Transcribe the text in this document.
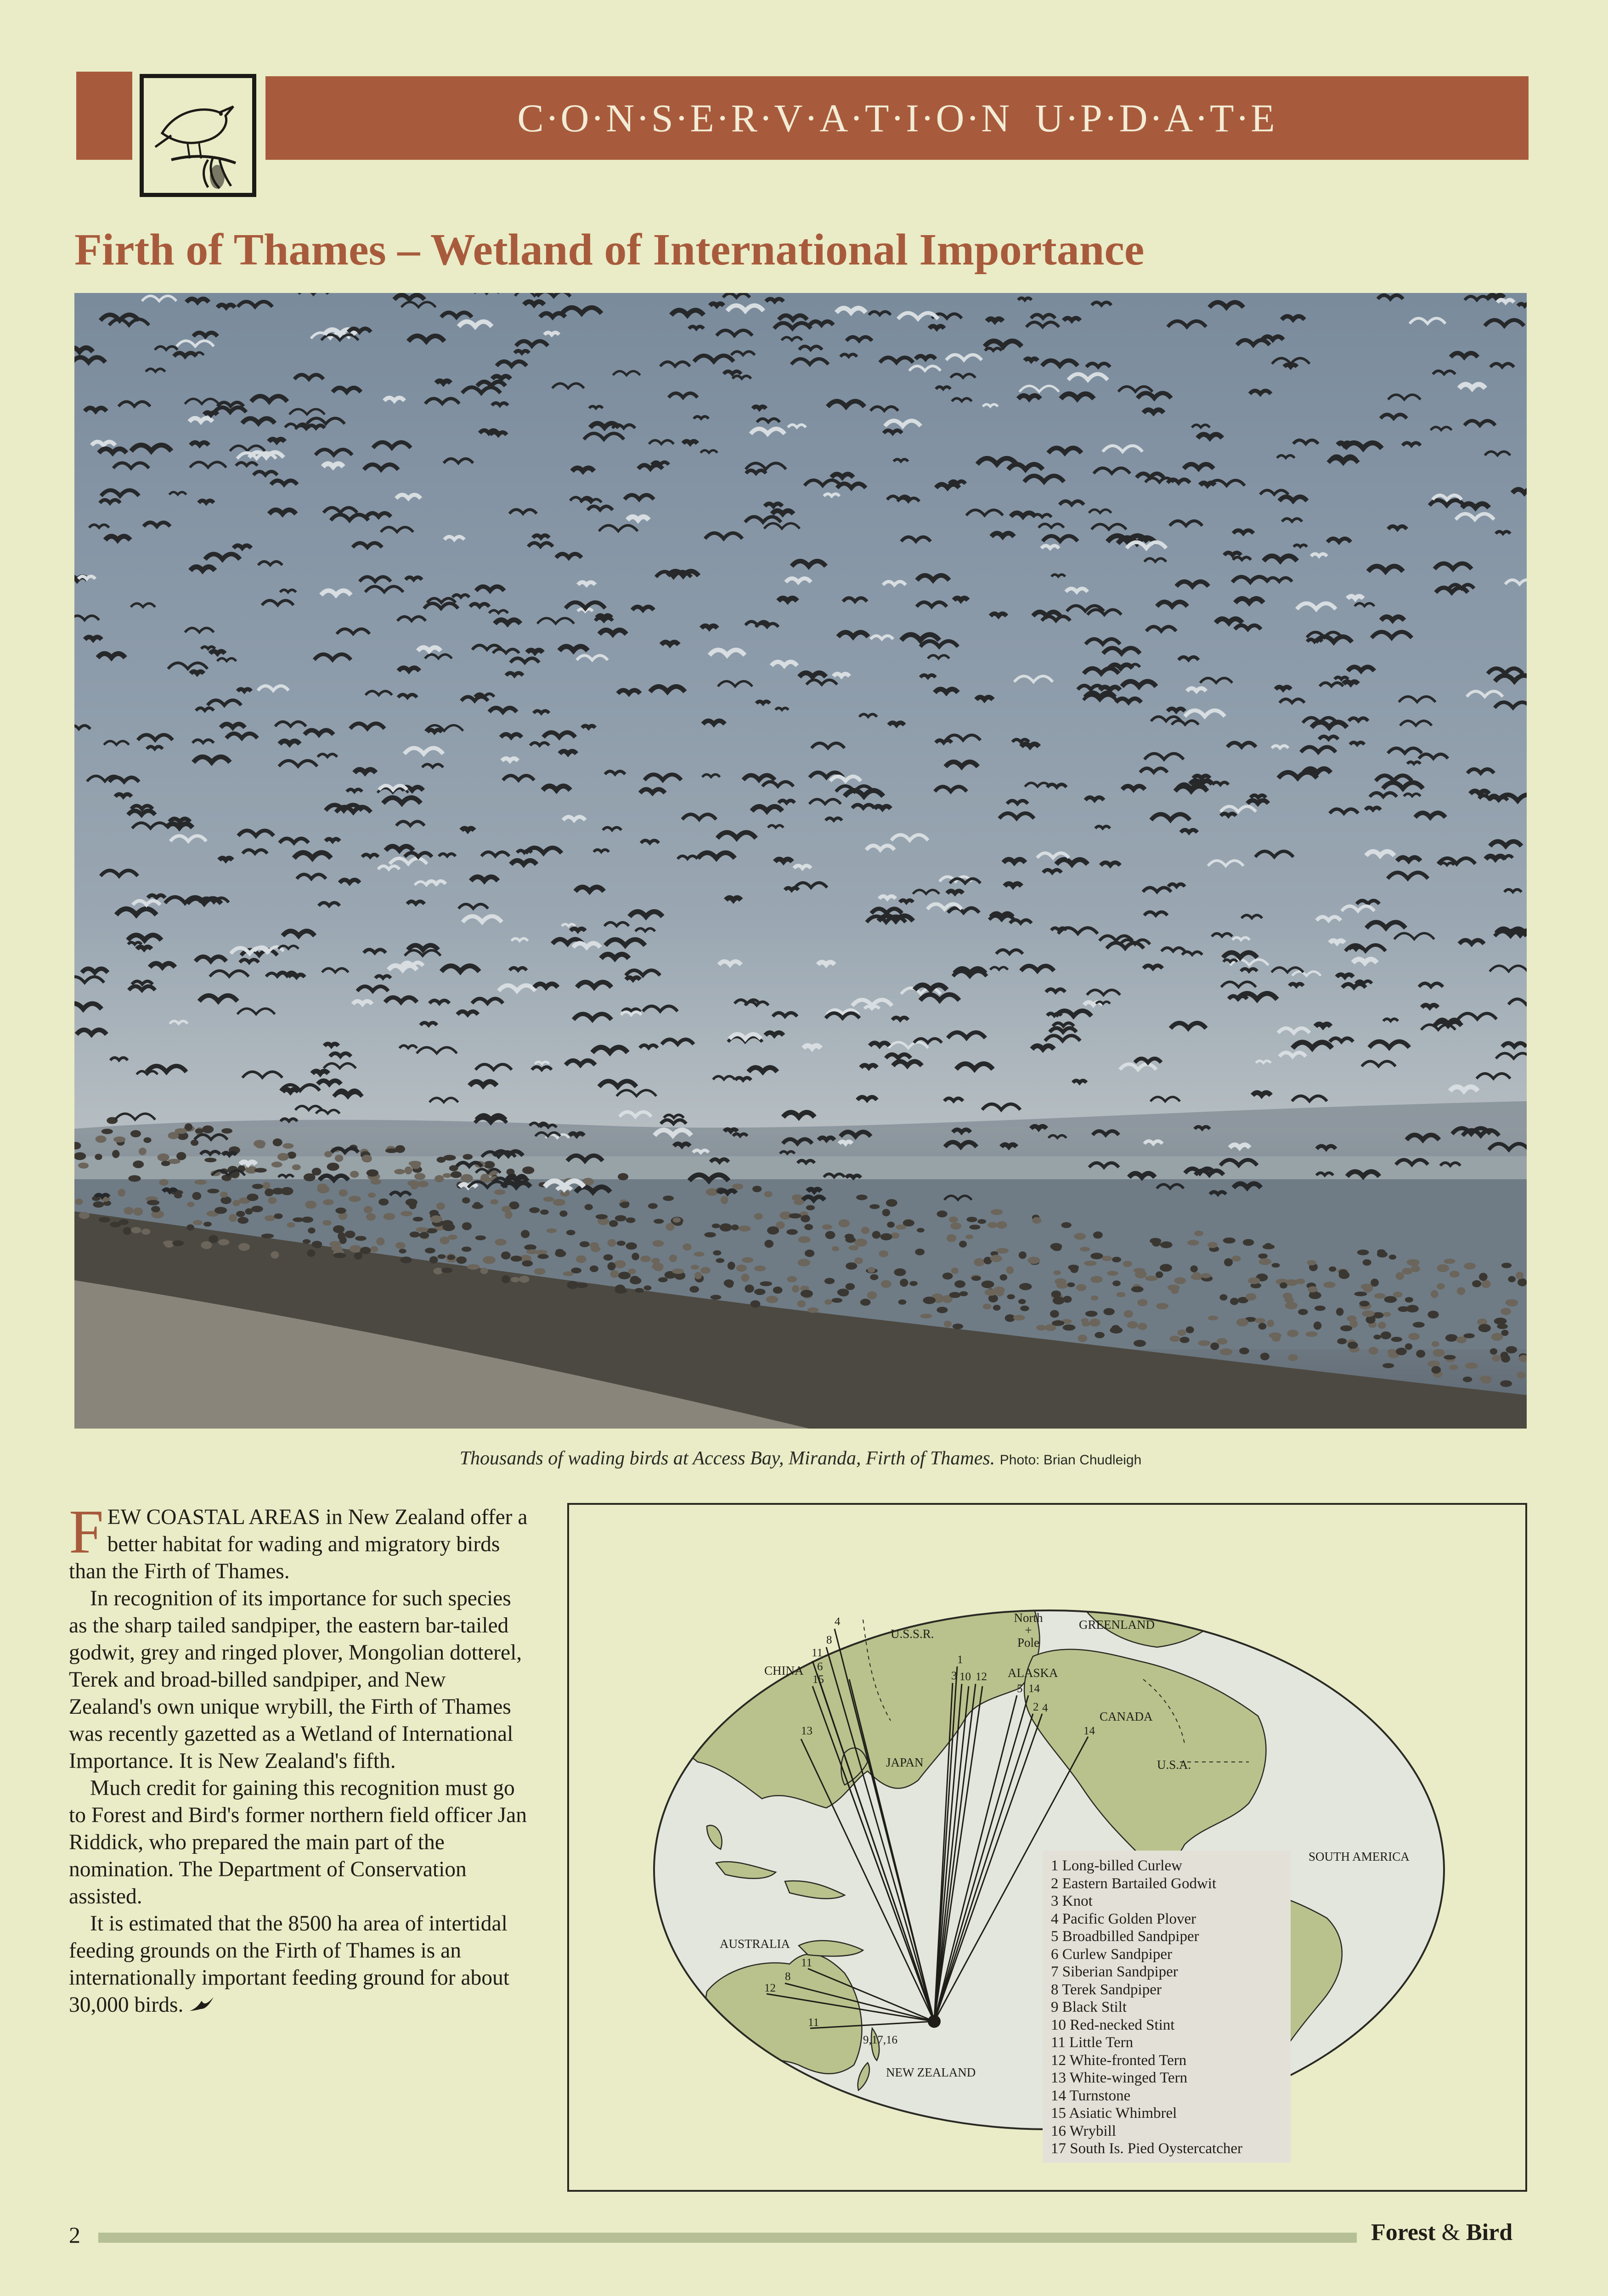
C·O·N·S·E·R·V·A·T·I·O·N  U·P·D·A·T·E
Firth of Thames – Wetland of International Importance
Thousands of wading birds at Access Bay, Miranda, Firth of Thames. Photo: Brian Chudleigh

FEW COASTAL AREAS in New Zealand offer a better habitat for wading and migratory birds than the Firth of Thames.

In recognition of its importance for such species as the sharp tailed sandpiper, the eastern bar-tailed godwit, grey and ringed plover, Mongolian dotterel, Terek and broad-billed sandpiper, and New Zealand's own unique wrybill, the Firth of Thames was recently gazetted as a Wetland of International Importance. It is New Zealand's fifth.

Much credit for gaining this recognition must go to Forest and Bird's former northern field officer Jan Riddick, who prepared the main part of the nomination. The Department of Conservation assisted.

It is estimated that the 8500 ha area of intertidal feeding grounds on the Firth of Thames is an internationally important feeding ground for about 30,000 birds.

U.S.S.R.
North
+
Pole
GREENLAND
CHINA	ALASKA
CANADA
JAPAN	U.S.A.
SOUTH AMERICA
AUSTRALIA
NEW ZEALAND
4
8
11
6
15
13
1
3 10 12
5 14
2 4
14
11
8
12
11
9,17,16
1 Long-billed Curlew
2 Eastern Bartailed Godwit
3 Knot
4 Pacific Golden Plover
5 Broadbilled Sandpiper
6 Curlew Sandpiper
7 Siberian Sandpiper
8 Terek Sandpiper
9 Black Stilt
10 Red-necked Stint
11 Little Tern
12 White-fronted Tern
13 White-winged Tern
14 Turnstone
15 Asiatic Whimbrel
16 Wrybill
17 South Is. Pied Oystercatcher
2	Forest & Bird
